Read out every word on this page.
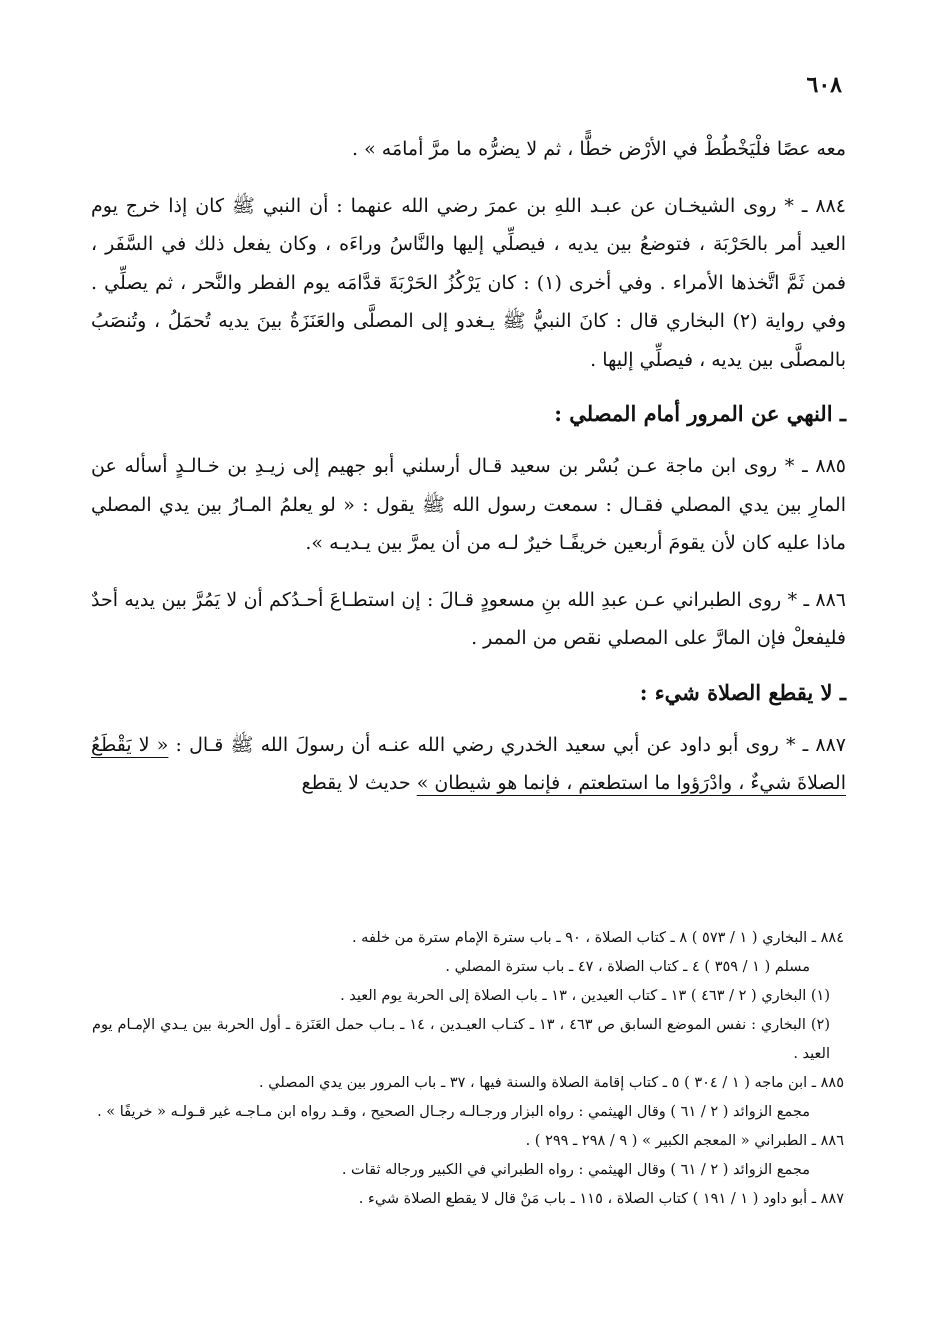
٦٠٨

معه عصًا فلْيَخْطُطْ في الأرْض خطًّا ، ثم لا يضرُّه ما مرَّ أمامَه » .

٨٨٤ ـ * روى الشيخـان عن عبـد اللهِ بن عمرَ رضي الله عنهما : أن النبي ﷺ كان إذا خرج يوم العيد أمر بالحَرْبَة ، فتوضعُ بين يديه ، فيصلِّي إليها والنَّاسُ وراءَه ، وكان يفعل ذلك في السَّفَر ، فمن ثَمَّ اتَّخذها الأمراء . وفي أخرى (١) : كان يَرْكُزُ الحَرْبَةَ قدَّامَه يوم الفطر والنَّحر ، ثم يصلِّي . وفي رواية (٢) البخاري قال : كانَ النبيُّ ﷺ يـغدو إلى المصلَّى والعَنَزَةُ بينَ يديه تُحمَلُ ، وتُنصَبُ بالمصلَّى بين يديه ، فيصلِّي إليها .

ـ النهي عن المرور أمام المصلي :

٨٨٥ ـ * روى ابن ماجة عـن بُسْر بن سعيد قـال أرسلني أبو جهيم إلى زيـدِ بن خـالـدٍ أسأله عن المارِ بين يدي المصلي فقـال : سمعت رسول الله ﷺ يقول : « لو يعلمُ المـارُ بين يدي المصلي ماذا عليه كان لأن يقومَ أربعين خريفًـا خيرٌ لـه من أن يمرَّ بين يـديـه ».

٨٨٦ ـ * روى الطبراني عـن عبدِ الله بنِ مسعودٍ قـالَ : إن استطـاعَ أحـدُكم أن لا يَمُرَّ بين يديه أحدٌ فليفعلْ فإن المارَّ على المصلي نقص من الممر .

ـ لا يقطع الصلاة شيء :

٨٨٧ ـ * روى أبو داود عن أبي سعيد الخدري رضي الله عنـه أن رسولَ الله ﷺ قـال : « لا يَقْطَعُ الصلاةَ شيءٌ ، وادْرَؤوا ما استطعتم ، فإنما هو شيطان » حديث لا يقطع

٨٨٤ ـ البخاري ( ١ / ٥٧٣ ) ٨ ـ كتاب الصلاة ، ٩٠ ـ باب سترة الإمام سترة من خلفه .

مسلم ( ١ / ٣٥٩ ) ٤ ـ كتاب الصلاة ، ٤٧ ـ باب سترة المصلي .

(١) البخاري ( ٢ / ٤٦٣ ) ١٣ ـ كتاب العيدين ، ١٣ ـ باب الصلاة إلى الحربة يوم العيد .

(٢) البخاري : نفس الموضع السابق ص ٤٦٣ ، ١٣ ـ كتـاب العيـدين ، ١٤ ـ بـاب حمل العَنَزة ـ أول الحربة بين يـدي الإمـام يوم العيد .

٨٨٥ ـ ابن ماجه ( ١ / ٣٠٤ ) ٥ ـ كتاب إقامة الصلاة والسنة فيها ، ٣٧ ـ باب المرور بين يدي المصلي .

مجمع الزوائد ( ٢ / ٦١ ) وقال الهيثمي : رواه البزار ورجـالـه رجـال الصحيح ، وقـد رواه ابن مـاجـه غير قـولـه « خريفًا » .

٨٨٦ ـ الطبراني « المعجم الكبير » ( ٩ / ٢٩٨ ـ ٢٩٩ ) .

مجمع الزوائد ( ٢ / ٦١ ) وقال الهيثمي : رواه الطبراني في الكبير ورجاله ثقات .

٨٨٧ ـ أبو داود ( ١ / ١٩١ ) كتاب الصلاة ، ١١٥ ـ باب مَنْ قال لا يقطع الصلاة شيء .
